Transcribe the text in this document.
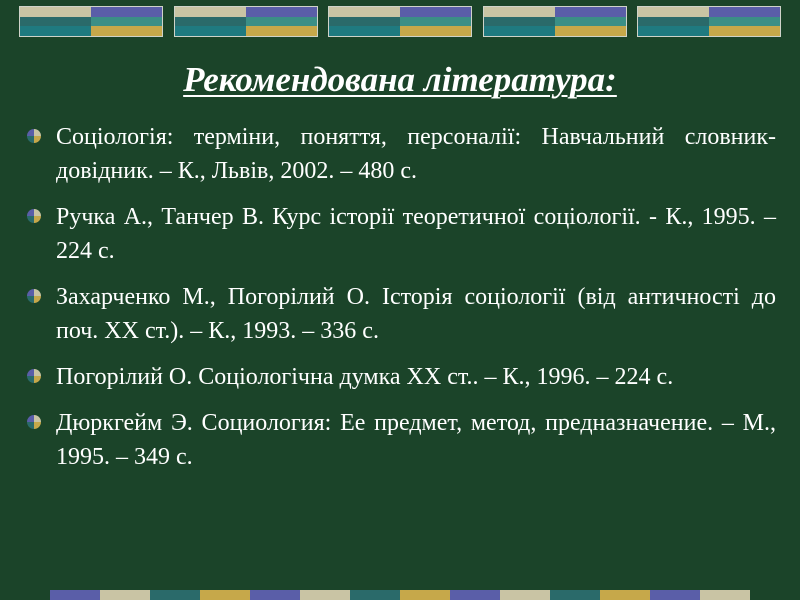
Рекомендована література:
Соціологія: терміни, поняття, персоналії: Навчальний словник-довідник. – К., Львів, 2002. – 480 с.
Ручка А., Танчер В. Курс історії теоретичної соціології. - К., 1995. – 224 с.
Захарченко М., Погорілий О. Історія соціології (від античності до поч. ХХ ст.). – К., 1993. – 336 с.
Погорілий О. Соціологічна думка ХХ ст.. – К., 1996. – 224 с.
Дюркгейм Э. Социология: Ее предмет, метод, предназначение. – М., 1995. – 349 с.
